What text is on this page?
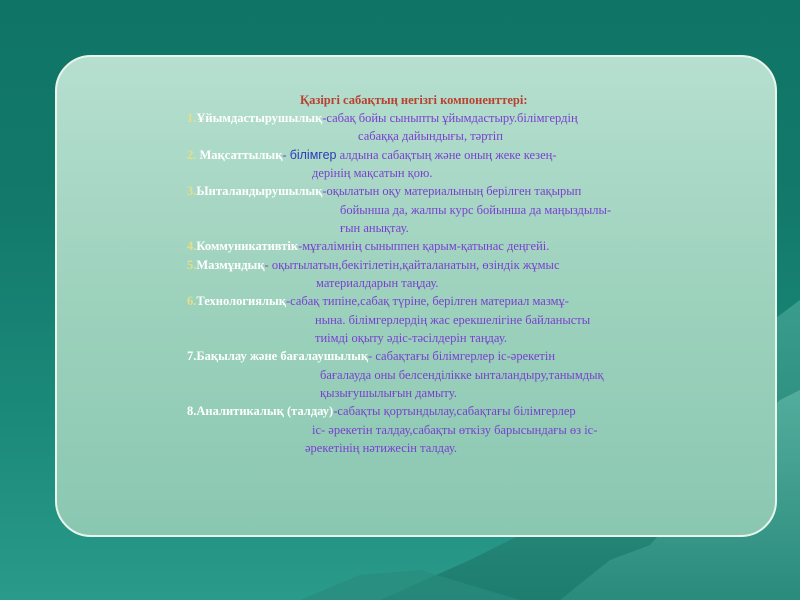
Қазіргі сабақтың негізгі компоненттері:
1.Ұйымдастырушылық-сабақ бойы сыныпты ұйымдастыру.білімгердің
сабаққа дайындығы, тәртіп
2. Мақсаттылық- білімгер алдына сабақтың және оның жеке кезең-
дерінің мақсатын қою.
3.Ынталандырушылық-оқылатын оқу материалының берілген тақырып
бойынша да, жалпы курс бойынша да маңыздылы-
ғын анықтау.
4.Коммуникативтік-мұғалімнің сыныппен қарым-қатынас деңгейі.
5.Мазмұндық- оқытылатын,бекітілетін,қайталанатын, өзіндік жұмыс
материалдарын таңдау.
6.Технологиялық-сабақ типіне,сабақ түріне, берілген материал мазмұ-
нына. білімгерлердің жас ерекшелігіне байланысты
тиімді оқыту әдіс-тәсілдерін таңдау.
7.Бақылау және бағалаушылық- сабақтағы білімгерлер іс-әрекетін
бағалауда оны белсенділікке ынталандыру,танымдық
қызығушылығын дамыту.
8.Аналитикалық (талдау)-сабақты қортындылау,сабақтағы білімгерлер
іс- әрекетін талдау,сабақты өткізу барысындағы өз іс-
әрекетінің нәтижесін талдау.
